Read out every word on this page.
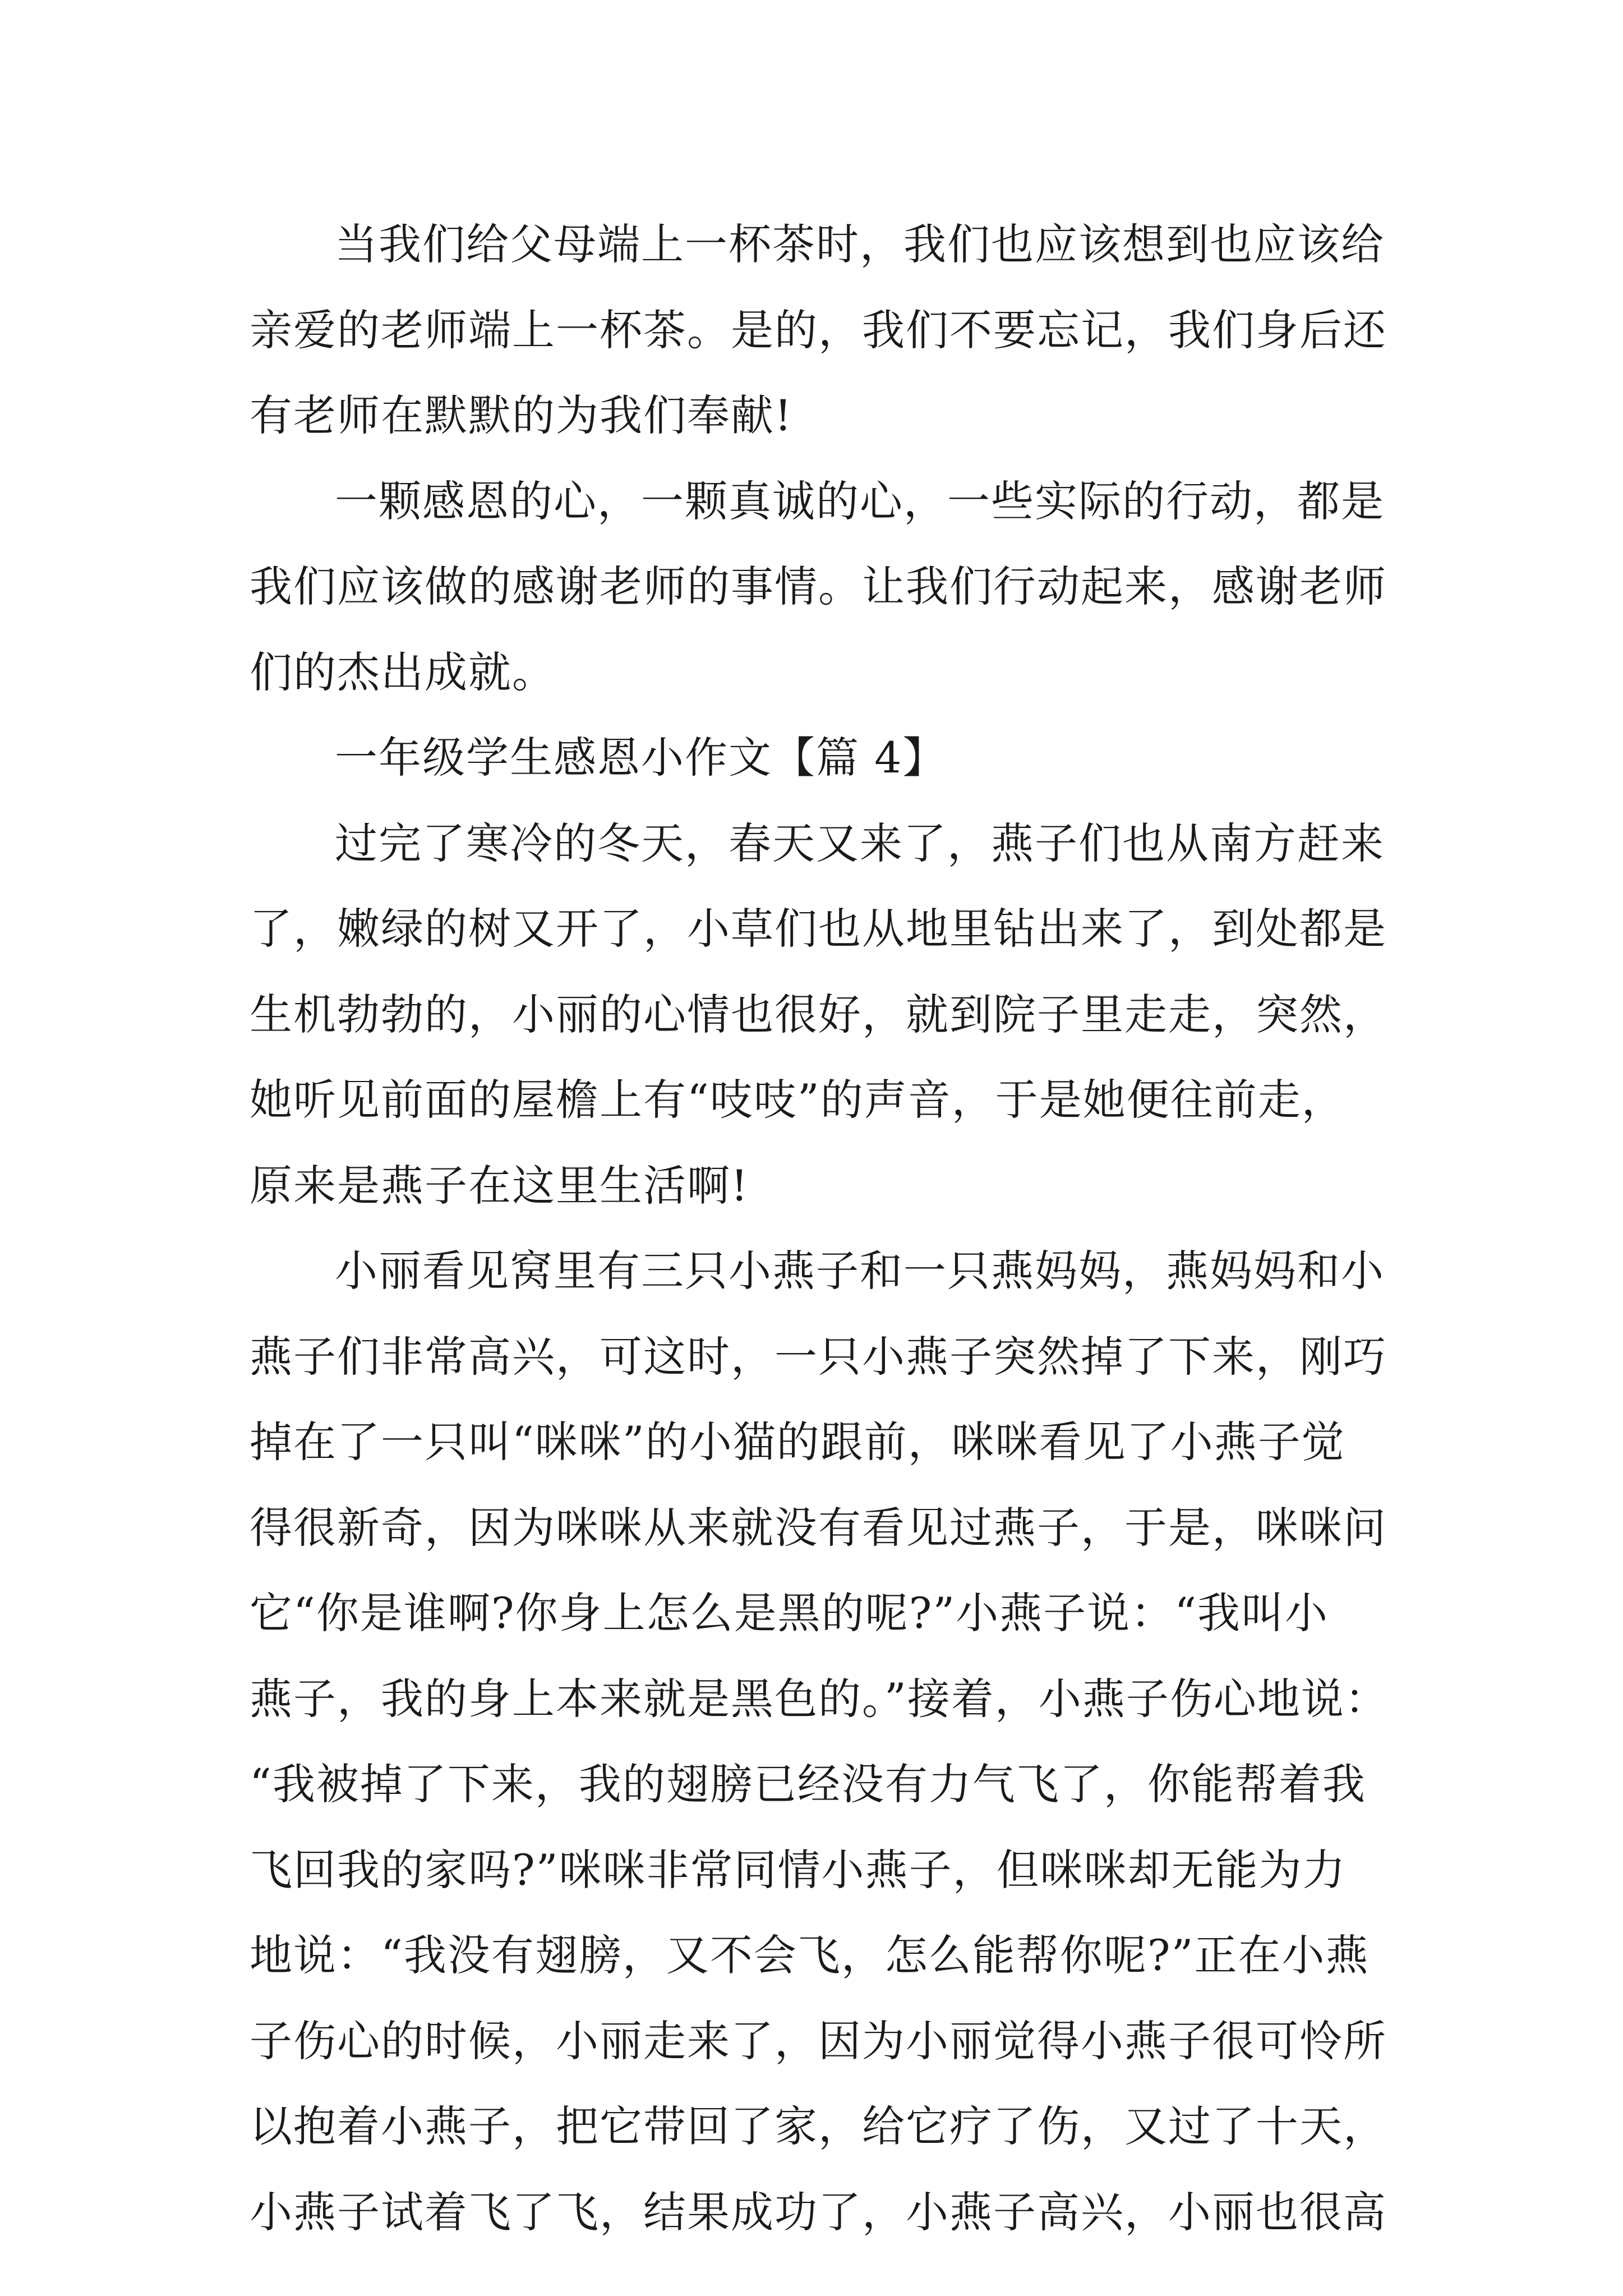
当我们给父母端上一杯茶时，我们也应该想到也应该给
亲爱的老师端上一杯茶。是的，我们不要忘记，我们身后还
有老师在默默的为我们奉献!
一颗感恩的心，一颗真诚的心，一些实际的行动，都是
我们应该做的感谢老师的事情。让我们行动起来，感谢老师
们的杰出成就。
一年级学生感恩小作文【篇 4】
过完了寒冷的冬天，春天又来了，燕子们也从南方赶来
了，嫩绿的树又开了，小草们也从地里钻出来了，到处都是
生机勃勃的，小丽的心情也很好，就到院子里走走，突然，
她听见前面的屋檐上有“吱吱”的声音，于是她便往前走，
原来是燕子在这里生活啊!
小丽看见窝里有三只小燕子和一只燕妈妈，燕妈妈和小
燕子们非常高兴，可这时，一只小燕子突然掉了下来，刚巧
掉在了一只叫“咪咪”的小猫的跟前，咪咪看见了小燕子觉
得很新奇，因为咪咪从来就没有看见过燕子，于是，咪咪问
它“你是谁啊?你身上怎么是黑的呢?”小燕子说：“我叫小
燕子，我的身上本来就是黑色的。”接着，小燕子伤心地说：
“我被掉了下来，我的翅膀已经没有力气飞了，你能帮着我
飞回我的家吗?”咪咪非常同情小燕子，但咪咪却无能为力
地说：“我没有翅膀，又不会飞，怎么能帮你呢?”正在小燕
子伤心的时候，小丽走来了，因为小丽觉得小燕子很可怜所
以抱着小燕子，把它带回了家，给它疗了伤，又过了十天，
小燕子试着飞了飞，结果成功了，小燕子高兴，小丽也很高
